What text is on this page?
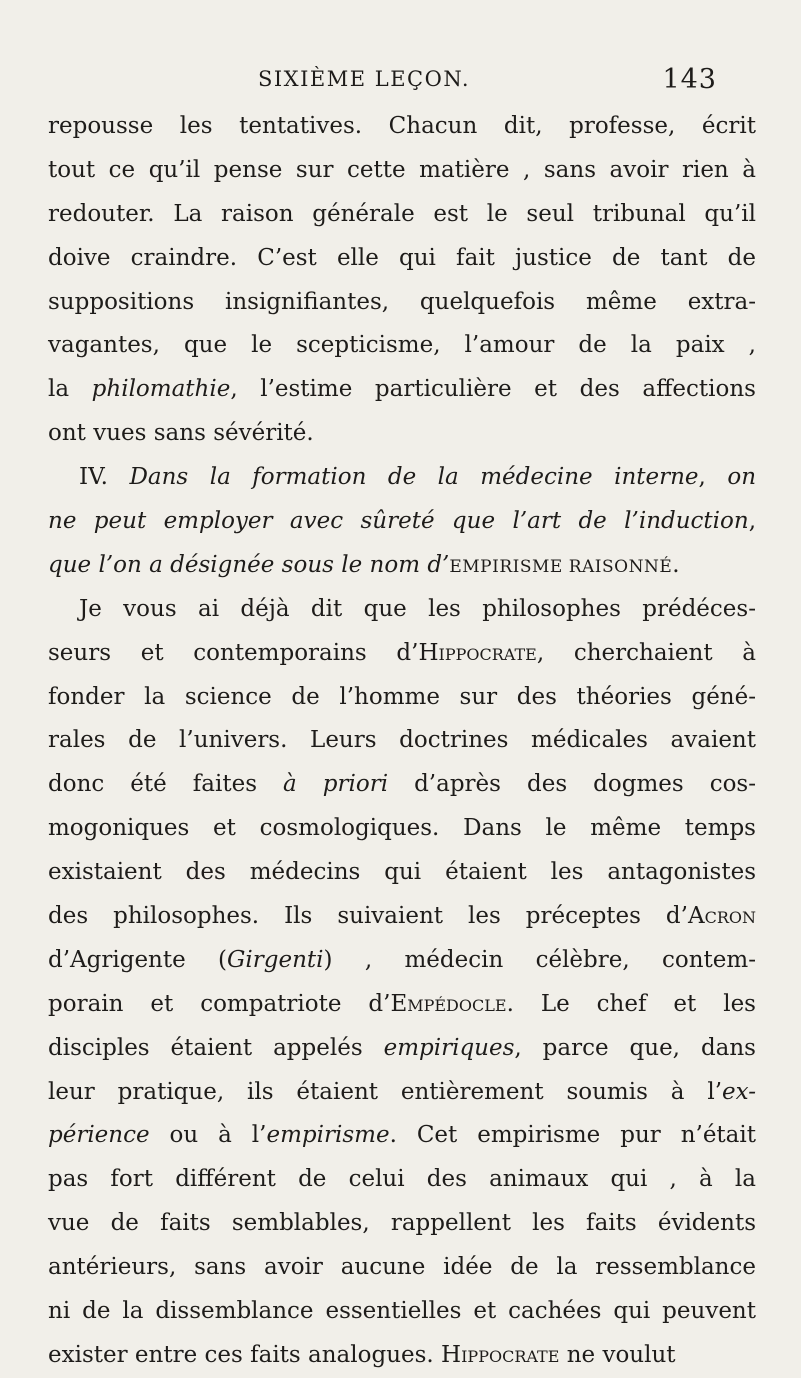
SIXIÈME LEÇON.	143
repousse les tentatives. Chacun dit, professe, écrit
tout ce qu’il pense sur cette matière , sans avoir rien à
redouter. La raison générale est le seul tribunal qu’il
doive craindre. C’est elle qui fait justice de tant de
suppositions insignifiantes, quelquefois même extra-
vagantes, que le scepticisme, l’amour de la paix ,
la philomathie, l’estime particulière et des affections
ont vues sans sévérité.
IV. Dans la formation de la médecine interne, on
ne peut employer avec sûreté que l’art de l’induction,
que l’on a désignée sous le nom d’EMPIRISME RAISONNÉ.
Je vous ai déjà dit que les philosophes prédéces-
seurs et contemporains d’Hippocrate, cherchaient à
fonder la science de l’homme sur des théories géné-
rales de l’univers. Leurs doctrines médicales avaient
donc été faites à priori d’après des dogmes cos-
mogoniques et cosmologiques. Dans le même temps
existaient des médecins qui étaient les antagonistes
des philosophes. Ils suivaient les préceptes d’Acron
d’Agrigente (Girgenti) , médecin célèbre, contem-
porain et compatriote d’Empédocle. Le chef et les
disciples étaient appelés empiriques, parce que, dans
leur pratique, ils étaient entièrement soumis à l’ex-
périence ou à l’empirisme. Cet empirisme pur n’était
pas fort différent de celui des animaux qui , à la
vue de faits semblables, rappellent les faits évidents
antérieurs, sans avoir aucune idée de la ressemblance
ni de la dissemblance essentielles et cachées qui peuvent
exister entre ces faits analogues. Hippocrate ne voulut
